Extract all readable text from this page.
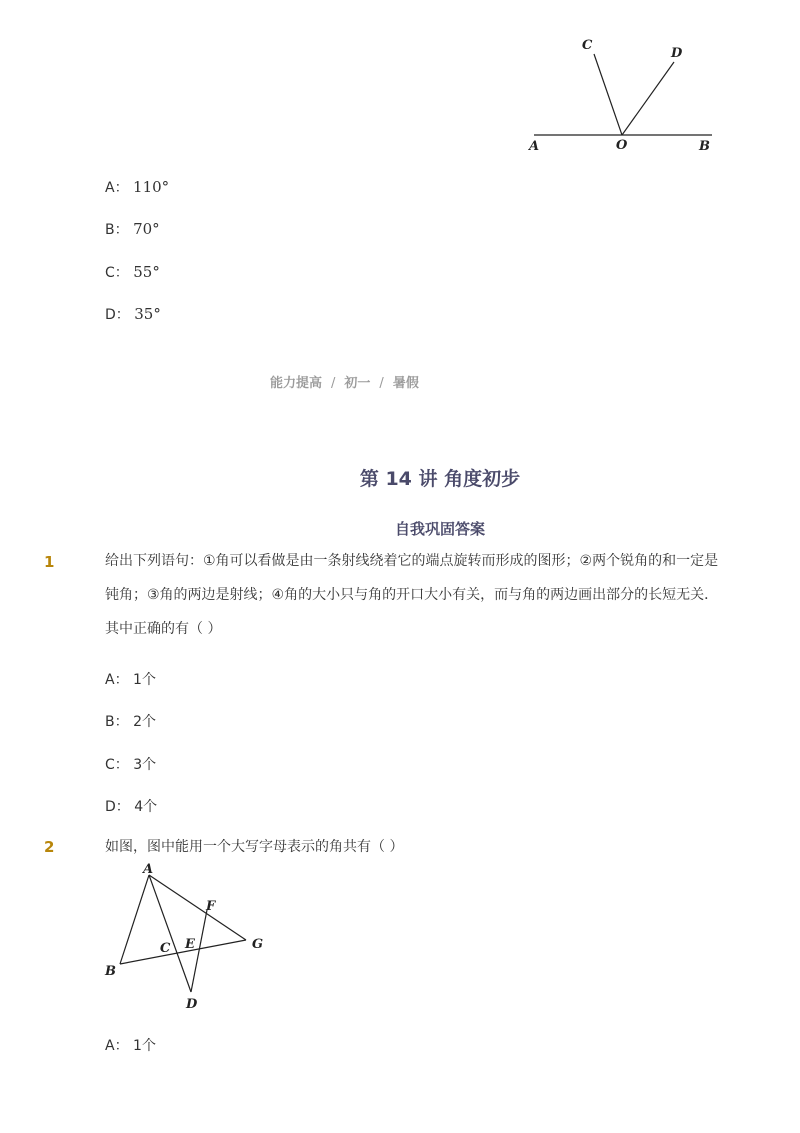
A	O	B
C
D
A： 110°
B： 70°
C： 55°
D： 35°
能力提高 / 初一 / 暑假
第 14 讲 角度初步
自我巩固答案
1	给出下列语句：①角可以看做是由一条射线绕着它的端点旋转而形成的图形；②两个锐角的和一定是钝角；③角的两边是射线；④角的大小只与角的开口大小有关，而与角的两边画出部分的长短无关．其中正确的有（ ）
A： 1个
B： 2个
C： 3个
D： 4个
2	如图，图中能用一个大写字母表示的角共有（ ）
A
B
C
D
E
F
G
A： 1个
